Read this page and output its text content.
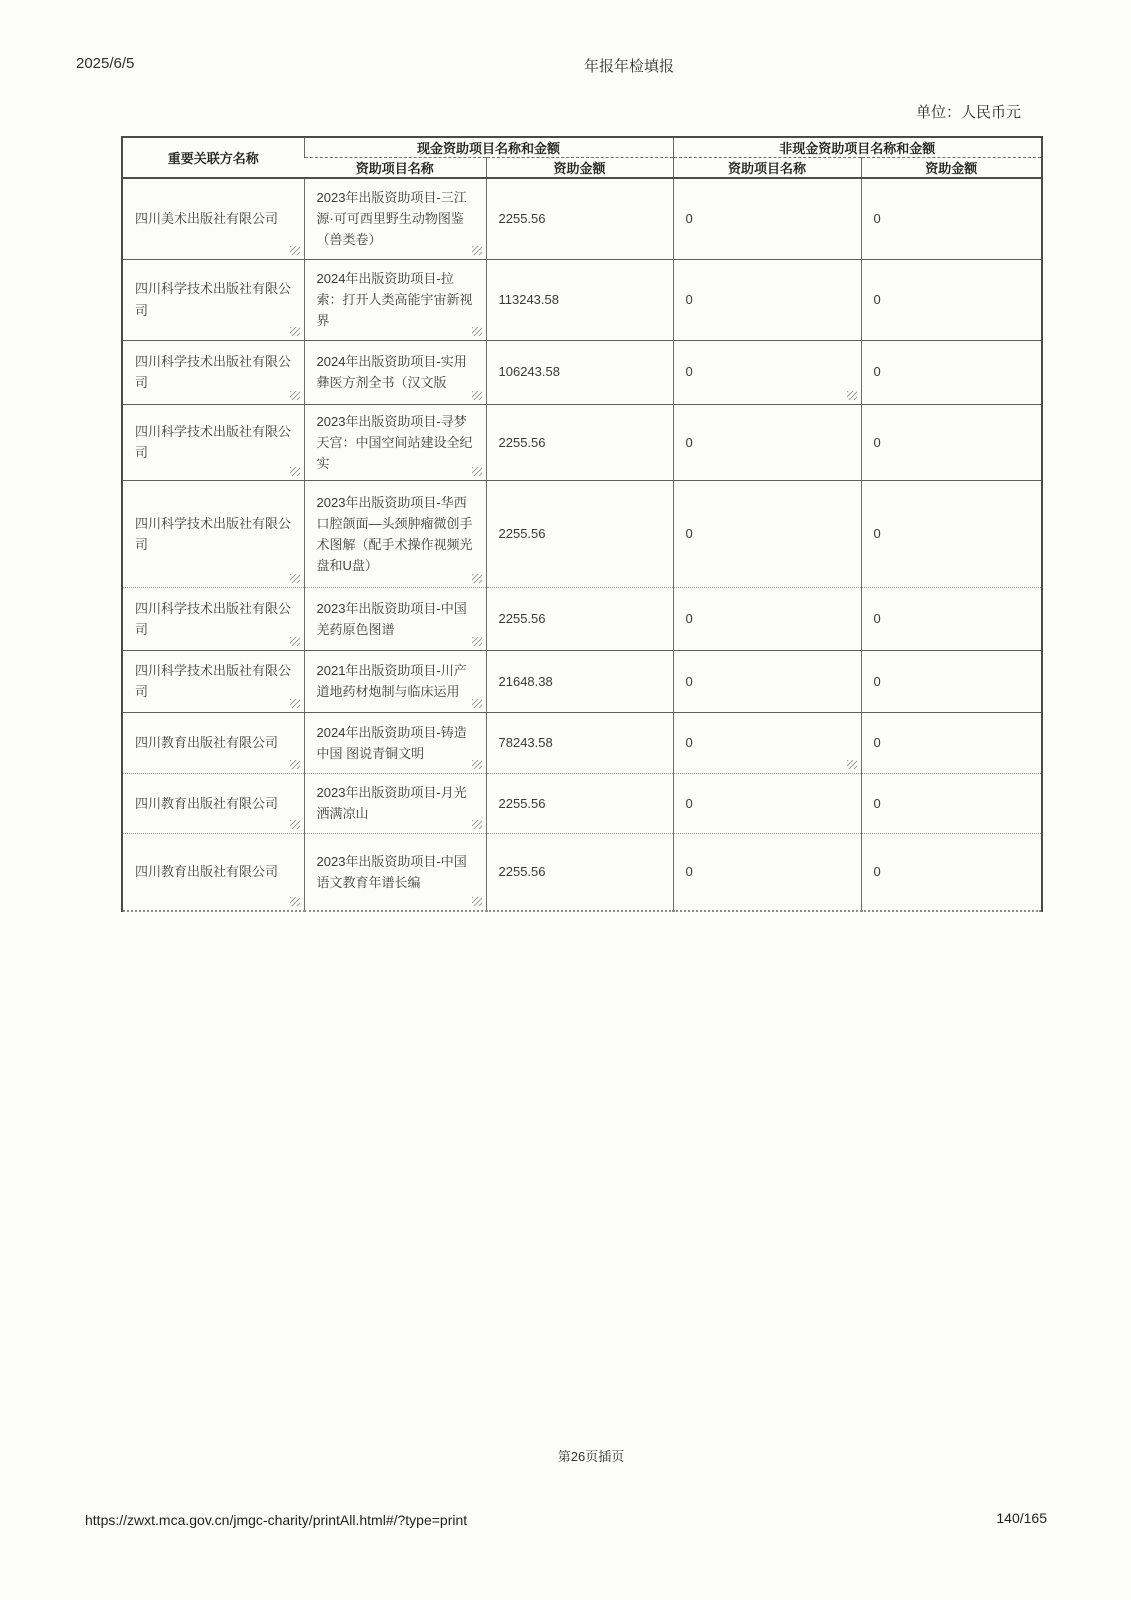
2025/6/5	年报年检填报
单位：人民币元
重要关联方名称	现金资助项目名称和金额		非现金资助项目名称和金额	
	资助项目名称	资助金额	资助项目名称	资助金额
四川美术出版社有限公司	2023年出版资助项目-三江源·可可西里野生动物图鉴（兽类卷）	2255.56	0	0
四川科学技术出版社有限公司	2024年出版资助项目-拉索：打开人类高能宇宙新视界	113243.58	0	0
四川科学技术出版社有限公司	2024年出版资助项目-实用彝医方剂全书（汉文版	106243.58	0	0
四川科学技术出版社有限公司	2023年出版资助项目-寻梦天宫：中国空间站建设全纪实	2255.56	0	0
四川科学技术出版社有限公司	2023年出版资助项目-华西口腔颌面—头颈肿瘤微创手术图解（配手术操作视频光盘和U盘）	2255.56	0	0
四川科学技术出版社有限公司	2023年出版资助项目-中国羌药原色图谱	2255.56	0	0
四川科学技术出版社有限公司	2021年出版资助项目-川产道地药材炮制与临床运用	21648.38	0	0
四川教育出版社有限公司	2024年出版资助项目-铸造中国 图说青铜文明	78243.58	0	0
四川教育出版社有限公司	2023年出版资助项目-月光洒满凉山	2255.56	0	0
四川教育出版社有限公司	2023年出版资助项目-中国语文教育年谱长编	2255.56	0	0
第26页插页
https://zwxt.mca.gov.cn/jmgc-charity/printAll.html#/?type=print	140/165
